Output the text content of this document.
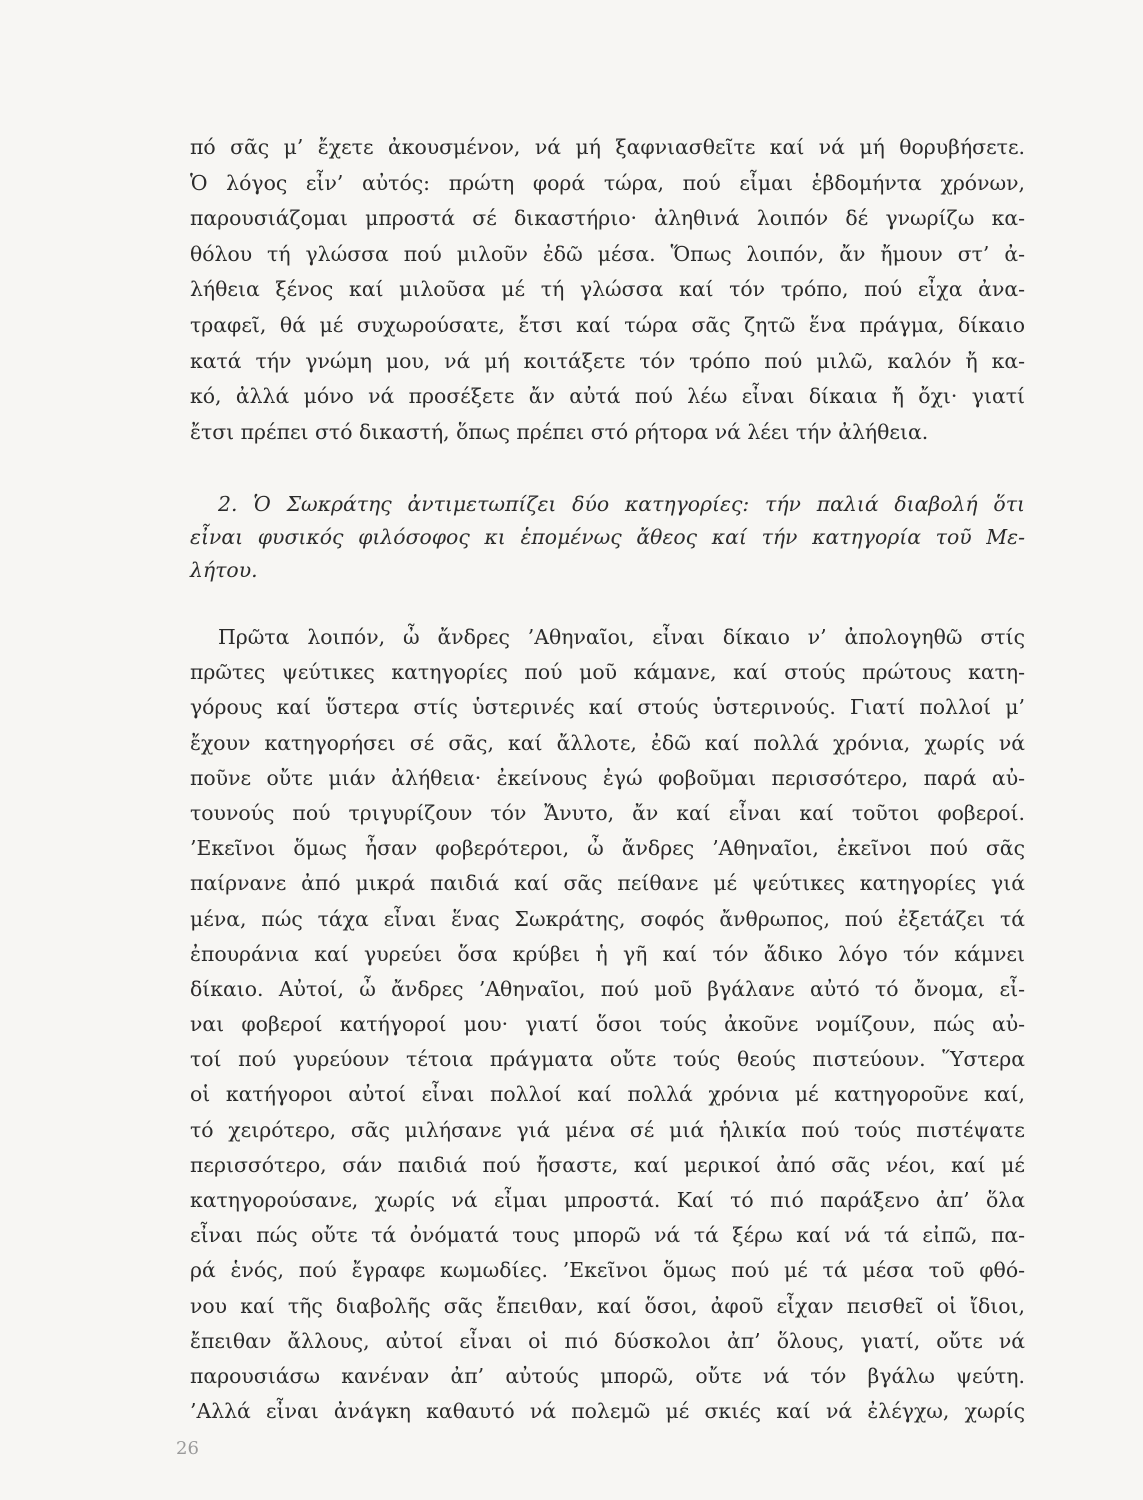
πό σᾶς μ’ ἔχετε ἀκουσμένον, νά μή ξαφνιασθεῖτε καί νά μή θορυβήσετε.
Ὁ λόγος εἶν’ αὐτός: πρώτη φορά τώρα, πού εἶμαι ἑβδομήντα χρόνων,
παρουσιάζομαι μπροστά σέ δικαστήριο· ἀληθινά λοιπόν δέ γνωρίζω κα-
θόλου τή γλώσσα πού μιλοῦν ἐδῶ μέσα. Ὅπως λοιπόν, ἄν ἤμουν στ’ ἀ-
λήθεια ξένος καί μιλοῦσα μέ τή γλώσσα καί τόν τρόπο, πού εἶχα ἀνα-
τραφεῖ, θά μέ συχωρούσατε, ἔτσι καί τώρα σᾶς ζητῶ ἕνα πράγμα, δίκαιο
κατά τήν γνώμη μου, νά μή κοιτάξετε τόν τρόπο πού μιλῶ, καλόν ἤ κα-
κό, ἀλλά μόνο νά προσέξετε ἄν αὐτά πού λέω εἶναι δίκαια ἤ ὄχι· γιατί
ἔτσι πρέπει στό δικαστή, ὅπως πρέπει στό ρήτορα νά λέει τήν ἀλήθεια.
2. Ὁ Σωκράτης ἀντιμετωπίζει δύο κατηγορίες: τήν παλιά διαβολή ὅτι
εἶναι φυσικός φιλόσοφος κι ἑπομένως ἄθεος καί τήν κατηγορία τοῦ Με-
λήτου.
Πρῶτα λοιπόν, ὦ ἄνδρες ’Αθηναῖοι, εἶναι δίκαιο ν’ ἀπολογηθῶ στίς
πρῶτες ψεύτικες κατηγορίες πού μοῦ κάμανε, καί στούς πρώτους κατη-
γόρους καί ὕστερα στίς ὑστερινές καί στούς ὑστερινούς. Γιατί πολλοί μ’
ἔχουν κατηγορήσει σέ σᾶς, καί ἄλλοτε, ἐδῶ καί πολλά χρόνια, χωρίς νά
ποῦνε οὔτε μιάν ἀλήθεια· ἐκείνους ἐγώ φοβοῦμαι περισσότερο, παρά αὐ-
τουνούς πού τριγυρίζουν τόν Ἄνυτο, ἄν καί εἶναι καί τοῦτοι φοβεροί.
’Εκεῖνοι ὅμως ἦσαν φοβερότεροι, ὦ ἄνδρες ’Αθηναῖοι, ἐκεῖνοι πού σᾶς
παίρνανε ἀπό μικρά παιδιά καί σᾶς πείθανε μέ ψεύτικες κατηγορίες γιά
μένα, πώς τάχα εἶναι ἕνας Σωκράτης, σοφός ἄνθρωπος, πού ἐξετάζει τά
ἐπουράνια καί γυρεύει ὅσα κρύβει ἡ γῆ καί τόν ἄδικο λόγο τόν κάμνει
δίκαιο. Αὐτοί, ὦ ἄνδρες ’Αθηναῖοι, πού μοῦ βγάλανε αὐτό τό ὄνομα, εἶ-
ναι φοβεροί κατήγοροί μου· γιατί ὅσοι τούς ἀκοῦνε νομίζουν, πώς αὐ-
τοί πού γυρεύουν τέτοια πράγματα οὔτε τούς θεούς πιστεύουν. Ὕστερα
οἱ κατήγοροι αὐτοί εἶναι πολλοί καί πολλά χρόνια μέ κατηγοροῦνε καί,
τό χειρότερο, σᾶς μιλήσανε γιά μένα σέ μιά ἡλικία πού τούς πιστέψατε
περισσότερο, σάν παιδιά πού ἤσαστε, καί μερικοί ἀπό σᾶς νέοι, καί μέ
κατηγορούσανε, χωρίς νά εἶμαι μπροστά. Καί τό πιό παράξενο ἀπ’ ὅλα
εἶναι πώς οὔτε τά ὀνόματά τους μπορῶ νά τά ξέρω καί νά τά εἰπῶ, πα-
ρά ἑνός, πού ἔγραφε κωμωδίες. ’Εκεῖνοι ὅμως πού μέ τά μέσα τοῦ φθό-
νου καί τῆς διαβολῆς σᾶς ἔπειθαν, καί ὅσοι, ἀφοῦ εἶχαν πεισθεῖ οἱ ἴδιοι,
ἔπειθαν ἄλλους, αὐτοί εἶναι οἱ πιό δύσκολοι ἀπ’ ὅλους, γιατί, οὔτε νά
παρουσιάσω κανέναν ἀπ’ αὐτούς μπορῶ, οὔτε νά τόν βγάλω ψεύτη.
’Αλλά εἶναι ἀνάγκη καθαυτό νά πολεμῶ μέ σκιές καί νά ἐλέγχω, χωρίς
26
